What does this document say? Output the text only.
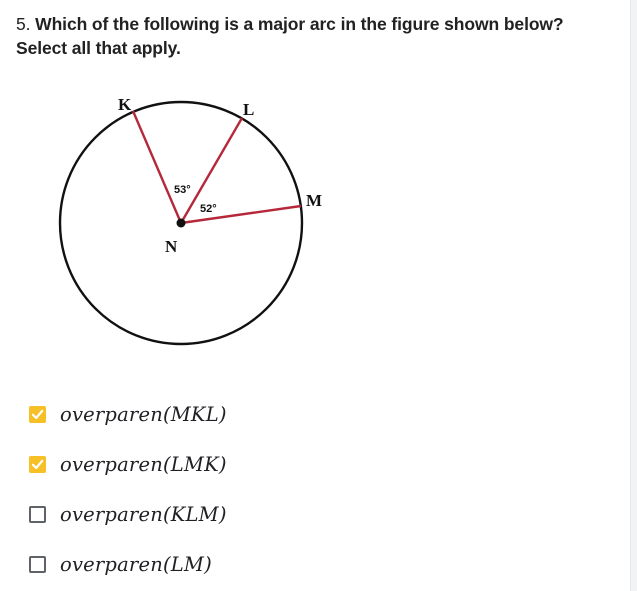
5. Which of the following is a major arc in the figure shown below? Select all that apply.
K	L
M
N
53°
52°
overparen(MKL)
overparen(LMK)
overparen(KLM)
overparen(LM)
